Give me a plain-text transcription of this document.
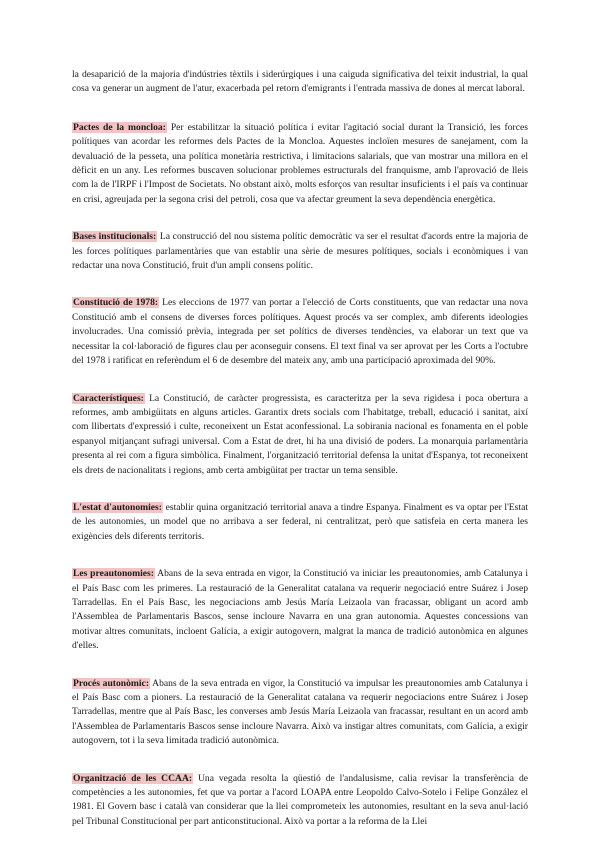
la desaparició de la majoria d'indústries tèxtils i siderúrgiques i una caiguda significativa del teixit industrial, la qual cosa va generar un augment de l'atur, exacerbada pel retorn d'emigrants i l'entrada massiva de dones al mercat laboral.

Pactes de la moncloa: Per estabilitzar la situació política i evitar l'agitació social durant la Transició, les forces polítiques van acordar les reformes dels Pactes de la Moncloa. Aquestes incloïen mesures de sanejament, com la devaluació de la pesseta, una política monetària restrictiva, i limitacions salarials, que van mostrar una millora en el dèficit en un any. Les reformes buscaven solucionar problemes estructurals del franquisme, amb l'aprovació de lleis com la de l'IRPF i l'Impost de Societats. No obstant això, molts esforços van resultar insuficients i el país va continuar en crisi, agreujada per la segona crisi del petroli, cosa que va afectar greument la seva dependència energètica.

Bases institucionals: La construcció del nou sistema polític democràtic va ser el resultat d'acords entre la majoria de les forces polítiques parlamentàries que van establir una sèrie de mesures polítiques, socials i econòmiques i van redactar una nova Constitució, fruit d'un ampli consens polític.

Constitució de 1978: Les eleccions de 1977 van portar a l'elecció de Corts constituents, que van redactar una nova Constitució amb el consens de diverses forces polítiques. Aquest procés va ser complex, amb diferents ideologies involucrades. Una comissió prèvia, integrada per set polítics de diverses tendències, va elaborar un text que va necessitar la col·laboració de figures clau per aconseguir consens. El text final va ser aprovat per les Corts a l'octubre del 1978 i ratificat en referèndum el 6 de desembre del mateix any, amb una participació aproximada del 90%.

Característiques: La Constitució, de caràcter progressista, es caracteritza per la seva rigidesa i poca obertura a reformes, amb ambigüitats en alguns articles. Garantix drets socials com l'habitatge, treball, educació i sanitat, així com llibertats d'expressió i culte, reconeixent un Estat aconfessional. La sobirania nacional es fonamenta en el poble espanyol mitjançant sufragi universal. Com a Estat de dret, hi ha una divisió de poders. La monarquia parlamentària presenta al rei com a figura simbòlica. Finalment, l'organització territorial defensa la unitat d'Espanya, tot reconeixent els drets de nacionalitats i regions, amb certa ambigüitat per tractar un tema sensible.

L'estat d'autonomies: establir quina organització territorial anava a tindre Espanya. Finalment es va optar per l'Estat de les autonomies, un model que no arribava a ser federal, ni centralitzat, però que satisfeia en certa manera les exigències dels diferents territoris.

Les preautonomies: Abans de la seva entrada en vigor, la Constitució va iniciar les preautonomies, amb Catalunya i el País Basc com les primeres. La restauració de la Generalitat catalana va requerir negociació entre Suárez i Josep Tarradellas. En el País Basc, les negociacions amb Jesús María Leizaola van fracassar, obligant un acord amb l'Assemblea de Parlamentaris Bascos, sense incloure Navarra en una gran autonomia. Aquestes concessions van motivar altres comunitats, incloent Galícia, a exigir autogovern, malgrat la manca de tradició autonòmica en algunes d'elles.

Procés autonòmic: Abans de la seva entrada en vigor, la Constitució va impulsar les preautonomies amb Catalunya i el País Basc com a pioners. La restauració de la Generalitat catalana va requerir negociacions entre Suárez i Josep Tarradellas, mentre que al País Basc, les converses amb Jesús María Leizaola van fracassar, resultant en un acord amb l'Assemblea de Parlamentaris Bascos sense incloure Navarra. Això va instigar altres comunitats, com Galícia, a exigir autogovern, tot i la seva limitada tradició autonòmica.

Organització de les CCAA: Una vegada resolta la qüestió de l'andalusisme, calia revisar la transferència de competències a les autonomies, fet que va portar a l'acord LOAPA entre Leopoldo Calvo-Sotelo i Felipe González el 1981. El Govern basc i català van considerar que la llei comprometeix les autonomies, resultant en la seva anul·lació pel Tribunal Constitucional per part anticonstitucional. Això va portar a la reforma de la Llei
